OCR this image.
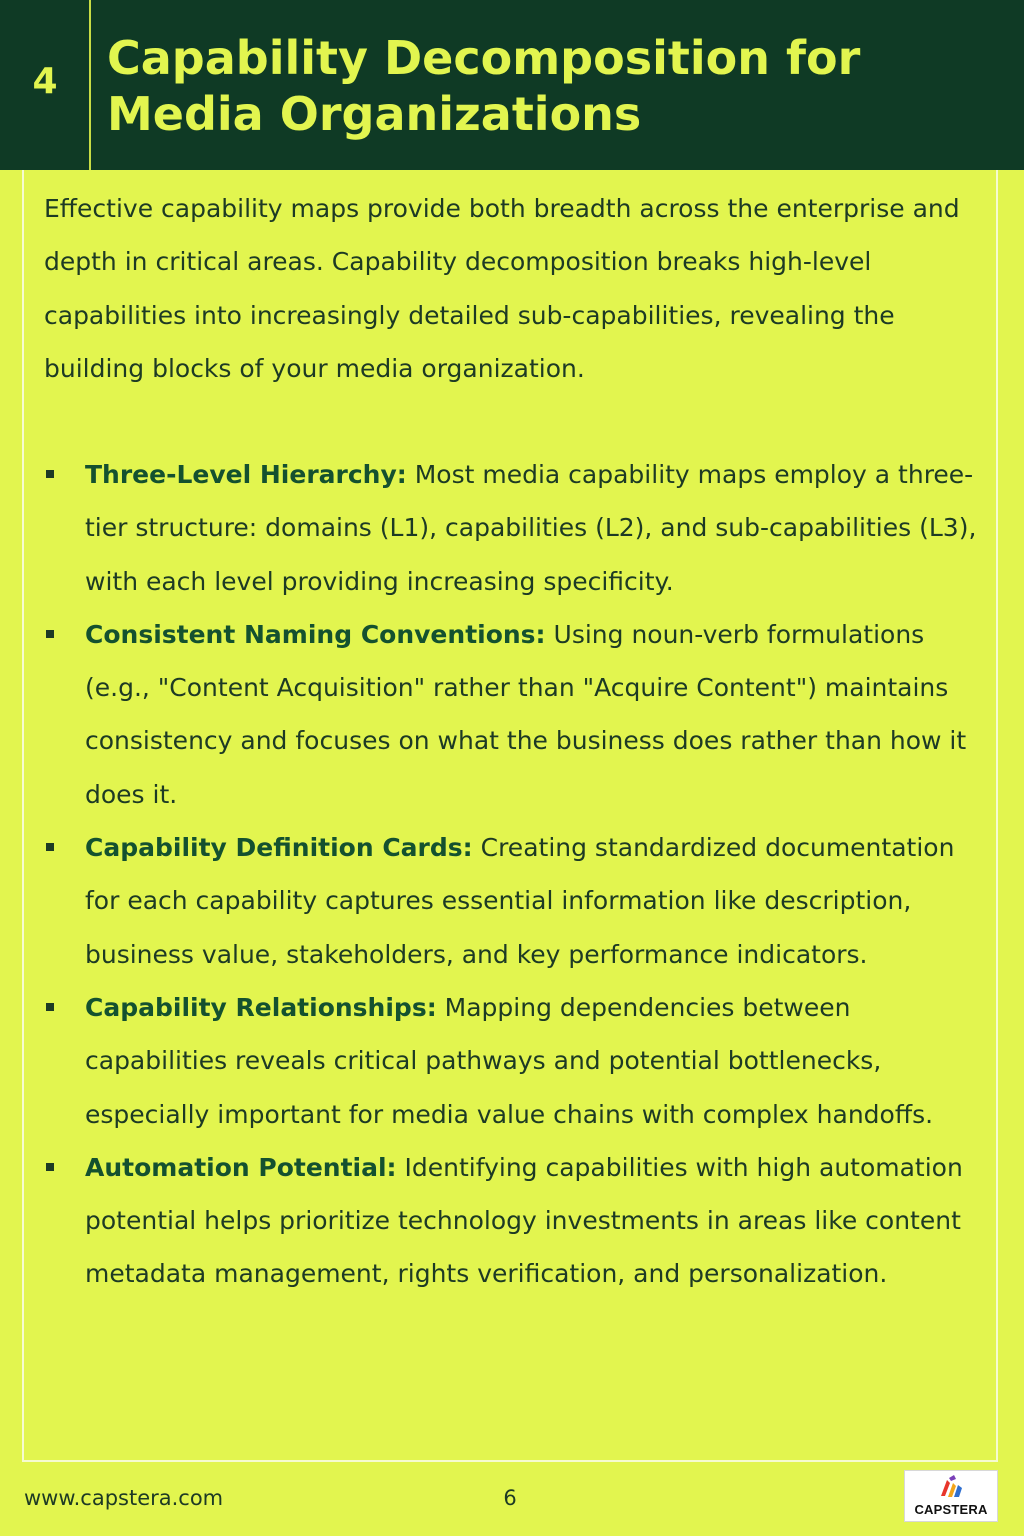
4	Capability Decomposition for Media Organizations

Effective capability maps provide both breadth across the enterprise and depth in critical areas. Capability decomposition breaks high-level capabilities into increasingly detailed sub-capabilities, revealing the building blocks of your media organization.

Three-Level Hierarchy: Most media capability maps employ a three-tier structure: domains (L1), capabilities (L2), and sub-capabilities (L3), with each level providing increasing specificity.
Consistent Naming Conventions: Using noun-verb formulations (e.g., "Content Acquisition" rather than "Acquire Content") maintains consistency and focuses on what the business does rather than how it does it.
Capability Definition Cards: Creating standardized documentation for each capability captures essential information like description, business value, stakeholders, and key performance indicators.
Capability Relationships: Mapping dependencies between capabilities reveals critical pathways and potential bottlenecks, especially important for media value chains with complex handoffs.
Automation Potential: Identifying capabilities with high automation potential helps prioritize technology investments in areas like content metadata management, rights verification, and personalization.
www.capstera.com	6	CAPSTERA
